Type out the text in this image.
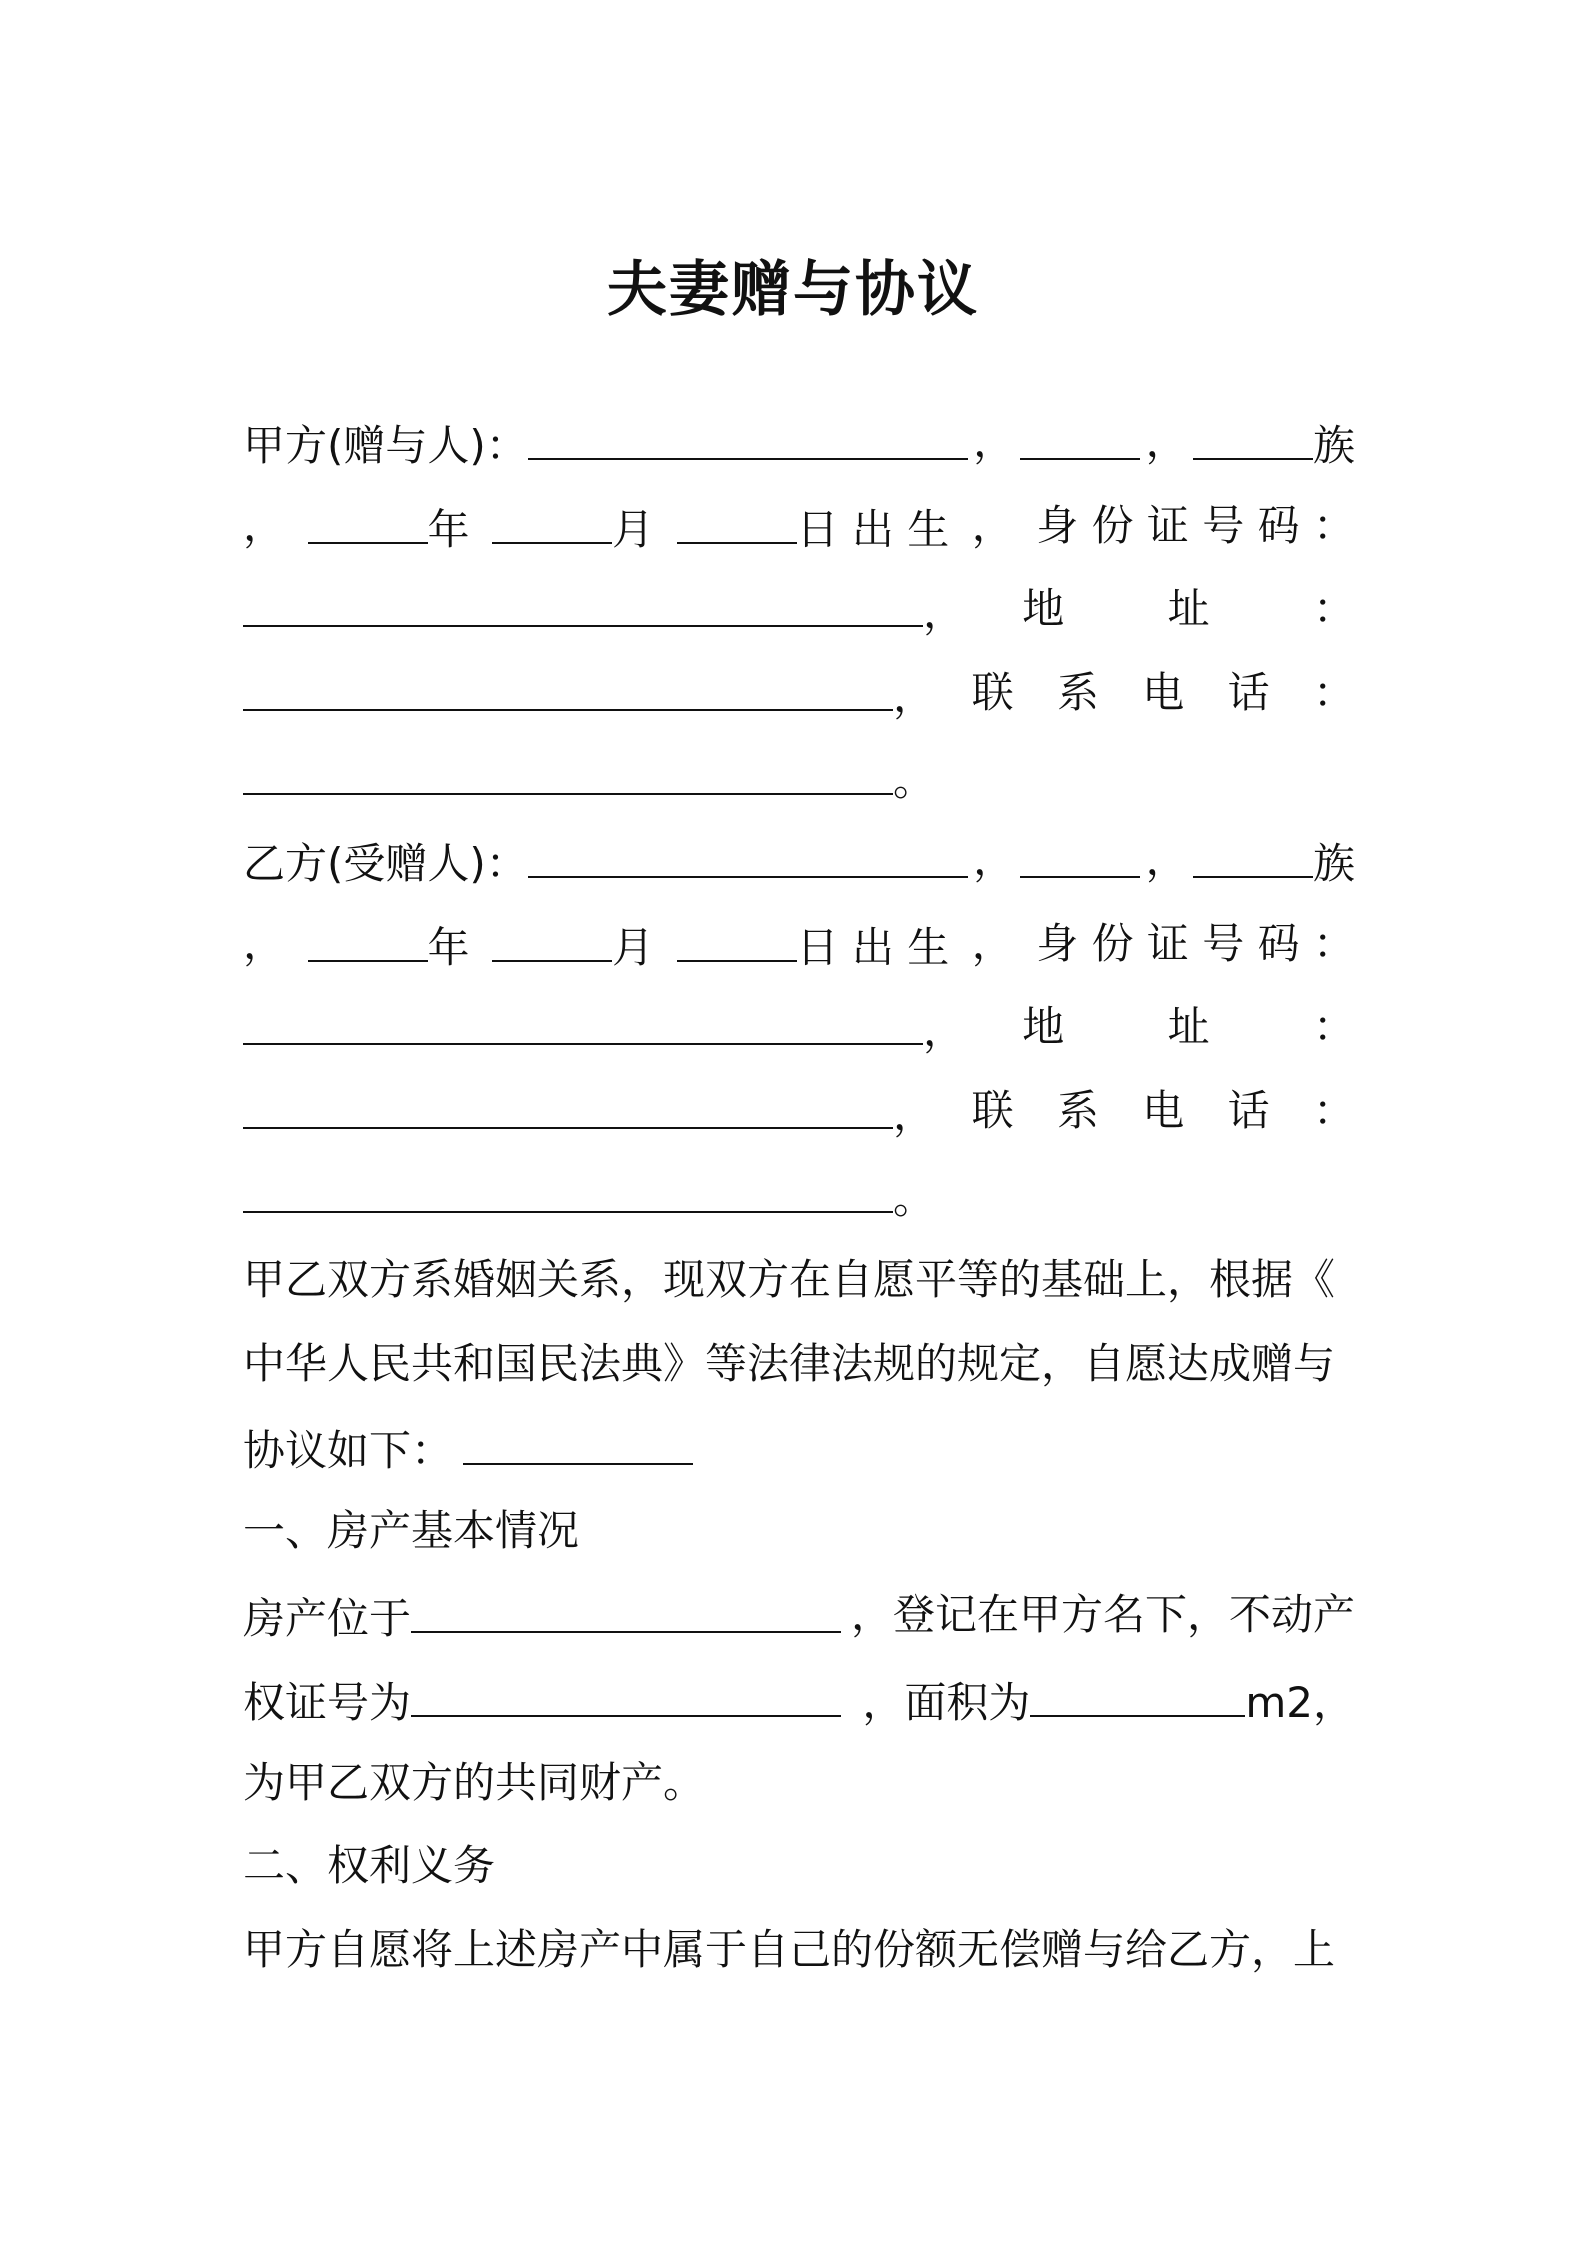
夫妻赠与协议
甲方(赠与人)：	，	，	族
，	年	月	日 出 生 ， 身 份 证 号 码 ：
， 地 址 ：
， 联 系 电 话 ：
。
乙方(受赠人)：	，	，	族
，	年	月	日 出 生 ， 身 份 证 号 码 ：
， 地 址 ：
， 联 系 电 话 ：
。
甲乙双方系婚姻关系，现双方在自愿平等的基础上，根据《
中华人民共和国民法典》等法律法规的规定，自愿达成赠与
协议如下：
一、房产基本情况
房产位于	，登记在甲方名下，不动产
权证号为	，面积为	m2，
为甲乙双方的共同财产。
二、权利义务
甲方自愿将上述房产中属于自己的份额无偿赠与给乙方，上
